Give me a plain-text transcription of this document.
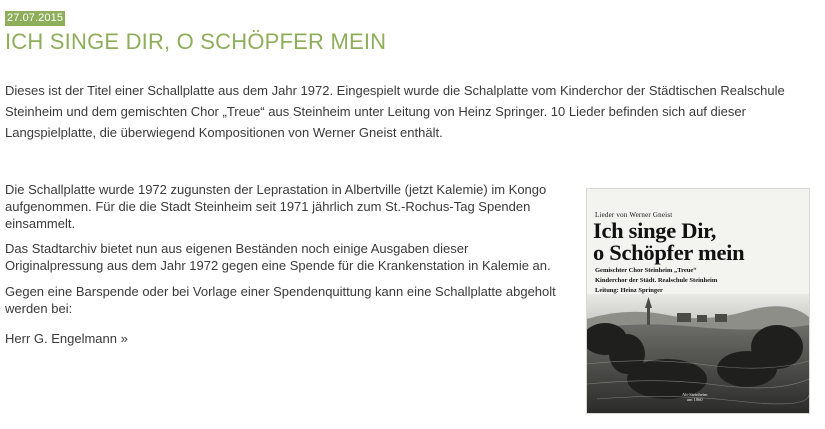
27.07.2015
ICH SINGE DIR, O SCHÖPFER MEIN

Dieses ist der Titel einer Schallplatte aus dem Jahr 1972. Eingespielt wurde die Schalplatte vom Kinderchor der Städtischen Realschule Steinheim und dem gemischten Chor „Treue“ aus Steinheim unter Leitung von Heinz Springer. 10 Lieder befinden sich auf dieser Langspielplatte, die überwiegend Kompositionen von Werner Gneist enthält.

Die Schallplatte wurde 1972 zugunsten der Leprastation in Albertville (jetzt Kalemie) im Kongo aufgenommen. Für die die Stadt Steinheim seit 1971 jährlich zum St.-Rochus-Tag Spenden einsammelt.

Das Stadtarchiv bietet nun aus eigenen Beständen noch einige Ausgaben dieser Originalpressung aus dem Jahr 1972 gegen eine Spende für die Krankenstation in Kalemie an.

Gegen eine Barspende oder bei Vorlage einer Spendenquittung kann eine Schallplatte abgeholt werden bei:

Herr G. Engelmann »

Lieder von Werner Gneist
Ich singe Dir,
o Schöpfer mein
Gemischter Chor Steinheim „Treue“
Kinderchor der Städt. Realschule Steinheim
Leitung: Heinz Springer
Alt-Steinheim
um 1860
